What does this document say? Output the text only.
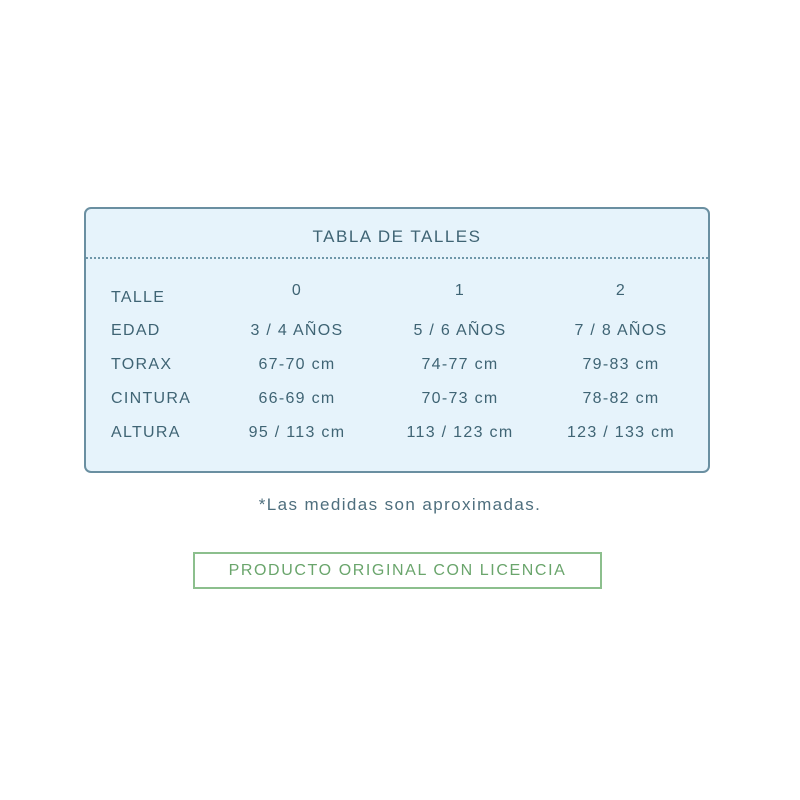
TABLA DE TALLES
TALLE	0	1	2
EDAD	3 / 4 AÑOS	5 / 6 AÑOS	7 / 8 AÑOS
TORAX	67-70 cm	74-77 cm	79-83 cm
CINTURA	66-69 cm	70-73 cm	78-82 cm
ALTURA	95 / 113 cm	113 / 123 cm	123 / 133 cm
*Las medidas son aproximadas.
PRODUCTO ORIGINAL CON LICENCIA
